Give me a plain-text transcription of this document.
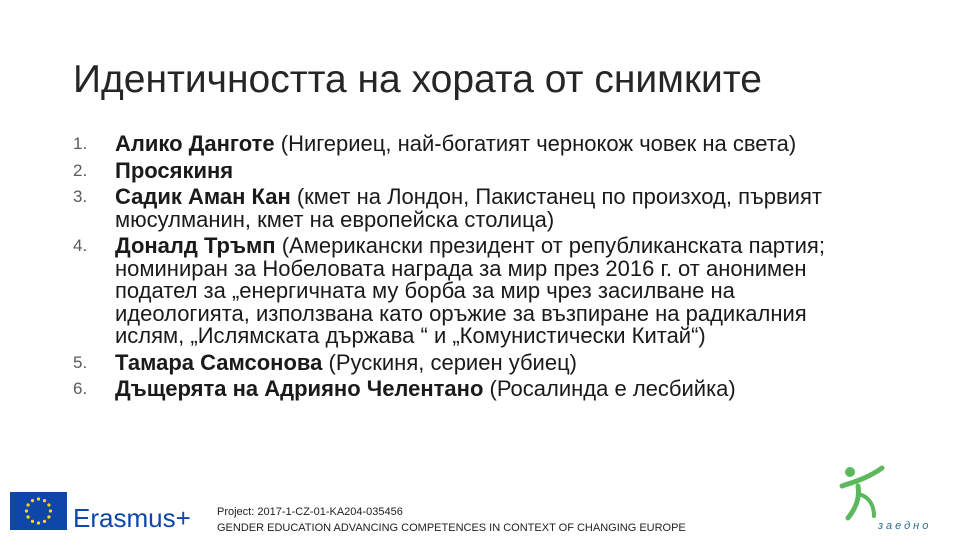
Идентичността на хората от снимките
1. Алико Данготе (Нигериец, най-богатият чернокож човек на света)
2. Просякиня
3. Садик Аман Кан (кмет на Лондон, Пакистанец по произход, първият мюсулманин, кмет на европейска столица)
4. Доналд Тръмп (Американски президент от републиканската партия; номиниран за Нобеловата награда за мир през 2016 г. от анонимен подател за „енергичната му борба за мир чрез засилване на идеологията, използвана като оръжие за възпиране на радикалния ислям, „Ислямската държава “ и „Комунистически Китай“)
5. Тамара Самсонова (Рускиня, сериен убиец)
6. Дъщерята на Адрияно Челентано (Росалинда е лесбийка)
Erasmus+ Project: 2017-1-CZ-01-KA204-035456
GENDER EDUCATION ADVANCING COMPETENCES IN CONTEXT OF CHANGING EUROPE	заедно
